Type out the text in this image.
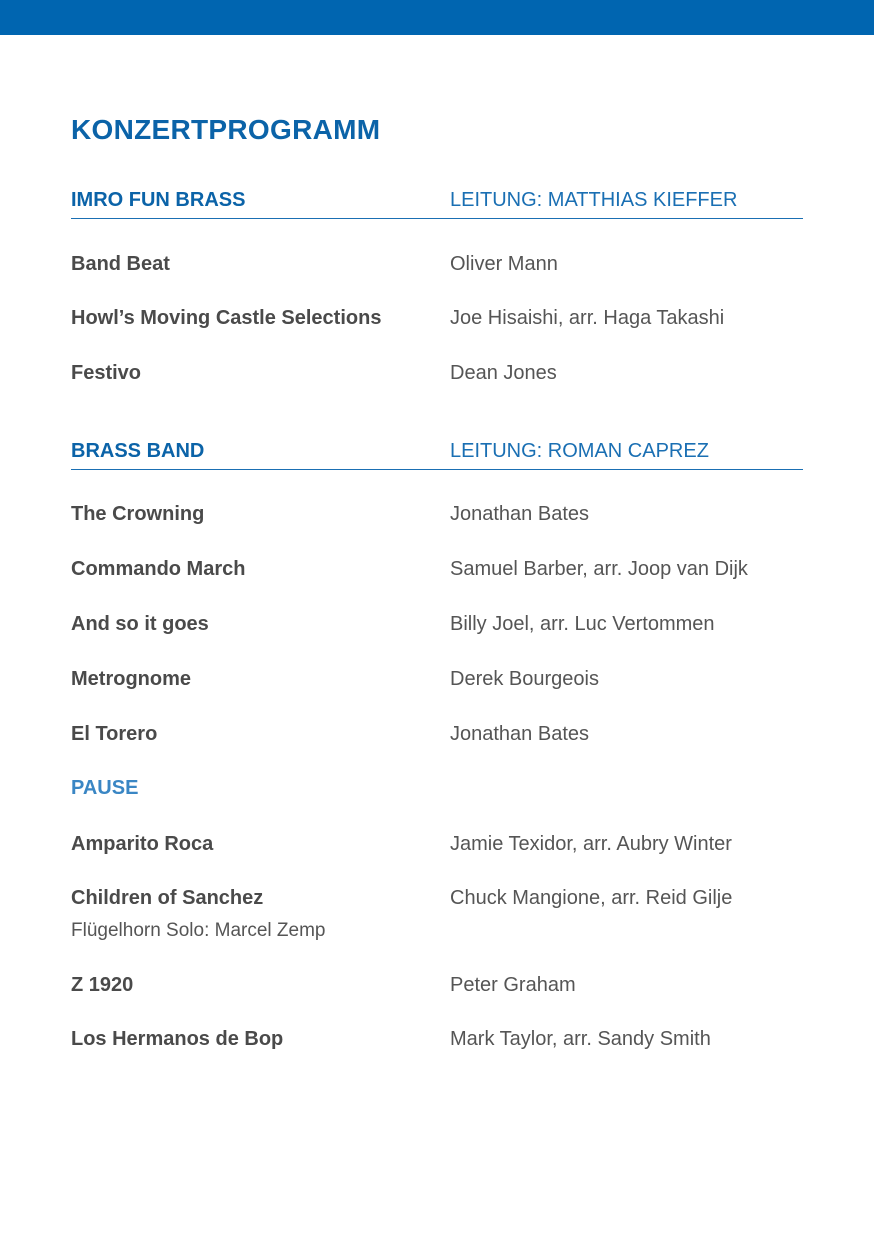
KONZERTPROGRAMM
IMRO FUN BRASS	LEITUNG: MATTHIAS KIEFFER
Band Beat	Oliver Mann
Howl’s Moving Castle Selections	Joe Hisaishi, arr. Haga Takashi
Festivo	Dean Jones
BRASS BAND	LEITUNG: ROMAN CAPREZ
The Crowning	Jonathan Bates
Commando March	Samuel Barber, arr. Joop van Dijk
And so it goes	Billy Joel, arr. Luc Vertommen
Metrognome	Derek Bourgeois
El Torero	Jonathan Bates
PAUSE
Amparito Roca	Jamie Texidor, arr. Aubry Winter
Children of Sanchez	Chuck Mangione, arr. Reid Gilje
Flügelhorn Solo: Marcel Zemp
Z 1920	Peter Graham
Los Hermanos de Bop	Mark Taylor, arr. Sandy Smith
